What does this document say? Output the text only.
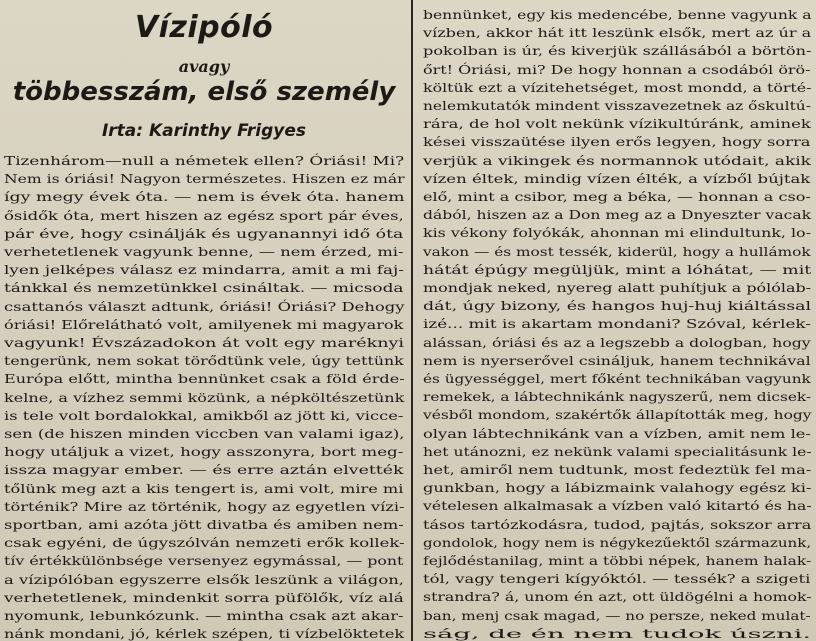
Vízipóló
avagy
többesszám, első személy
Irta: Karinthy Frigyes
Tizenhárom—null a németek ellen? Óriási! Mi?
Nem is óriási! Nagyon természetes. Hiszen ez már
így megy évek óta. — nem is évek óta. hanem
ősidők óta, mert hiszen az egész sport pár éves,
pár éve, hogy csinálják és ugyanannyi idő óta
verhetetlenek vagyunk benne, — nem érzed, mi-
lyen jelképes válasz ez mindarra, amit a mi faj-
tánkkal és nemzetünkkel csináltak. — micsoda
csattanós választ adtunk, óriási! Óriási? Dehogy
óriási! Előrelátható volt, amilyenek mi magyarok
vagyunk! Évszázadokon át volt egy maréknyi
tengerünk, nem sokat törődtünk vele, úgy tettünk
Európa előtt, mintha bennünket csak a föld érde-
kelne, a vízhez semmi közünk, a népköltészetünk
is tele volt bordalokkal, amikből az jött ki, vicce-
sen (de hiszen minden viccben van valami igaz),
hogy utáljuk a vizet, hogy asszonyra, bort meg-
issza magyar ember. — és erre aztán elvették
tőlünk meg azt a kis tengert is, ami volt, mire mi
történik? Mire az történik, hogy az egyetlen vízi-
sportban, ami azóta jött divatba és amiben nem-
csak egyéni, de úgyszólván nemzeti erők kollek-
tív értékkülönbsége versenyez egymással, — pont
a vízipólóban egyszerre elsők leszünk a világon,
verhetetlenek, mindenkit sorra püfölők, víz alá
nyomunk, lebunkózunk. — mintha csak azt akar-
nánk mondani, jó, kérlek szépen, ti vízbelöktetek
bennünket, egy kis medencébe, benne vagyunk a
vízben, akkor hát itt leszünk elsők, mert az úr a
pokolban is úr, és kiverjük szállásából a börtön-
őrt! Óriási, mi? De hogy honnan a csodából örö-
költük ezt a vízitehetséget, most mondd, a törté-
nelemkutatók mindent visszavezetnek az őskultú-
rára, de hol volt nekünk vízikultúránk, aminek
kései visszaütése ilyen erős legyen, hogy sorra
verjük a vikingek és normannok utódait, akik
vízen éltek, mindig vízen élték, a vízből bújtak
elő, mint a csibor, meg a béka, — honnan a cso-
dából, hiszen az a Don meg az a Dnyeszter vacak
kis vékony folyókák, ahonnan mi elindultunk, lo-
vakon — és most tessék, kiderül, hogy a hullámok
hátát épúgy megüljük, mint a lóhátat, — mit
mondjak neked, nyereg alatt puhítjuk a pólólab-
dát, úgy bizony, és hangos huj-huj kiáltással
izé... mit is akartam mondani? Szóval, kérlek-
alássan, óriási és az a legszebb a dologban, hogy
nem is nyerserővel csináljuk, hanem technikával
és ügyességgel, mert főként technikában vagyunk
remekek, a lábtechnikánk nagyszerű, nem dicsek-
vésből mondom, szakértők állapították meg, hogy
olyan lábtechnikánk van a vízben, amit nem le-
het utánozni, ez nekünk valami specialitásunk le-
het, amiről nem tudtunk, most fedeztük fel ma-
gunkban, hogy a lábizmaink valahogy egész ki-
vételesen alkalmasak a vízben való kitartó és ha-
tásos tartózkodásra, tudod, pajtás, sokszor arra
gondolok, hogy nem is négykezűektől származunk,
fejlődéstanilag, mint a többi népek, hanem halak-
tól, vagy tengeri kígyóktól. — tessék? a szigeti
strandra? á, unom én azt, ott üldögélni a homok-
ban, menj csak magad, — no persze, neked mulat-
ság, de én nem tudok úszni.
